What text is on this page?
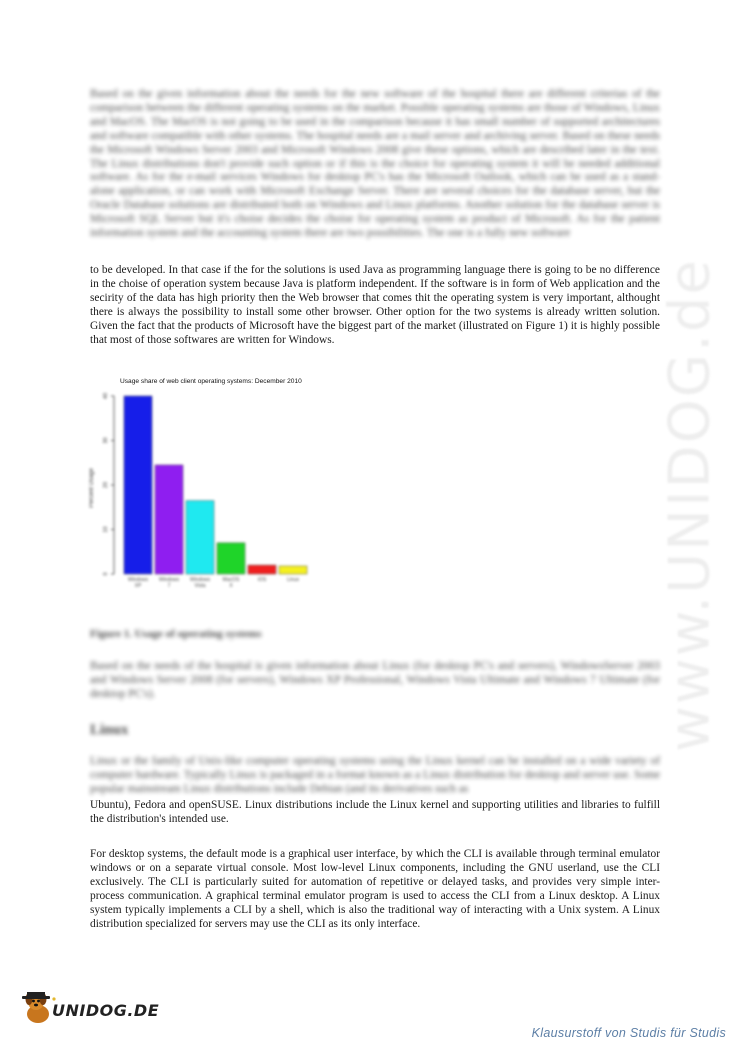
Based on the given information about the needs for the new software of the hospital there are different criterias of the comparison between the different operating systems on the market. Possible operating systems are those of Windows, Linux and MacOS. The MacOS is not going to be used in the comparison because it has small number of supported architectures and software compatible with other systems. The hospital needs are a mail server and archiving server. Based on these needs the Microsoft Windows Server 2003 and Microsoft Windows 2008 give these options, which are described later in the text. The Linux distributions don't provide such option or if this is the choice for operating system it will be needed additional software. As for the e-mail services Windows for desktop PC's has the Microsoft Outlook, which can be used as a stand-alone application, or can work with Microsoft Exchange Server. There are several choices for the database server, but the Oracle Database solutions are distributed both on Windows and Linux platforms. Another solution for the database server is Microsoft SQL Server but it's choise decides the choise for operating system as product of Microsoft. As for the patient information system and the accounting system there are two possibilities. The one is a fully new software

to be developed. In that case if the for the solutions is used Java as programming language there is going to be no difference in the choise of operation system because Java is platform independent. If the software is in form of Web application and the secirity of the data has high priority then the Web browser that comes thit the operating system is very important, althought there is always the possibility to install some other browser. Other option for the two systems is already written solution. Given the fact that the products of Microsoft have the biggest part of the market (illustrated on Figure 1) it is highly possible that most of those softwares are written for Windows.

Usage share of web client operating systems: December 2010
Percent Usage
0
10
20
30
40
Windows
XP
Windows
7
Windows
Vista
MacOS
X
iOS	Linux

Figure 1. Usage of operating systems

Based on the needs of the hospital is given information about Linux (for desktop PC's and servers), WindowsServer 2003 and Windows Server 2008 (for servers), Windows XP Professional, Windows Vista Ultimate and Windows 7 Ultimate (for desktop PC's).

Linux

Linux or the family of Unix-like computer operating systems using the Linux kernel can be installed on a wide variety of computer hardware. Typically Linux is packaged in a format known as a Linux distribution for desktop and server use. Some popular mainstream Linux distributions include Debian (and its derivatives such as

Ubuntu), Fedora and openSUSE. Linux distributions include the Linux kernel and supporting utilities and libraries to fulfill the distribution's intended use.

For desktop systems, the default mode is a graphical user interface, by which the CLI is available through terminal emulator windows or on a separate virtual console. Most low-level Linux components, including the GNU userland, use the CLI exclusively. The CLI is particularly suited for automation of repetitive or delayed tasks, and provides very simple inter-process communication. A graphical terminal emulator program is used to access the CLI from a Linux desktop. A Linux system typically implements a CLI by a shell, which is also the traditional way of interacting with a Unix system. A Linux distribution specialized for servers may use the CLI as its only interface.

www.UNIDOG.de
UNIDOG.DE
Klausurstoff von Studis für Studis
